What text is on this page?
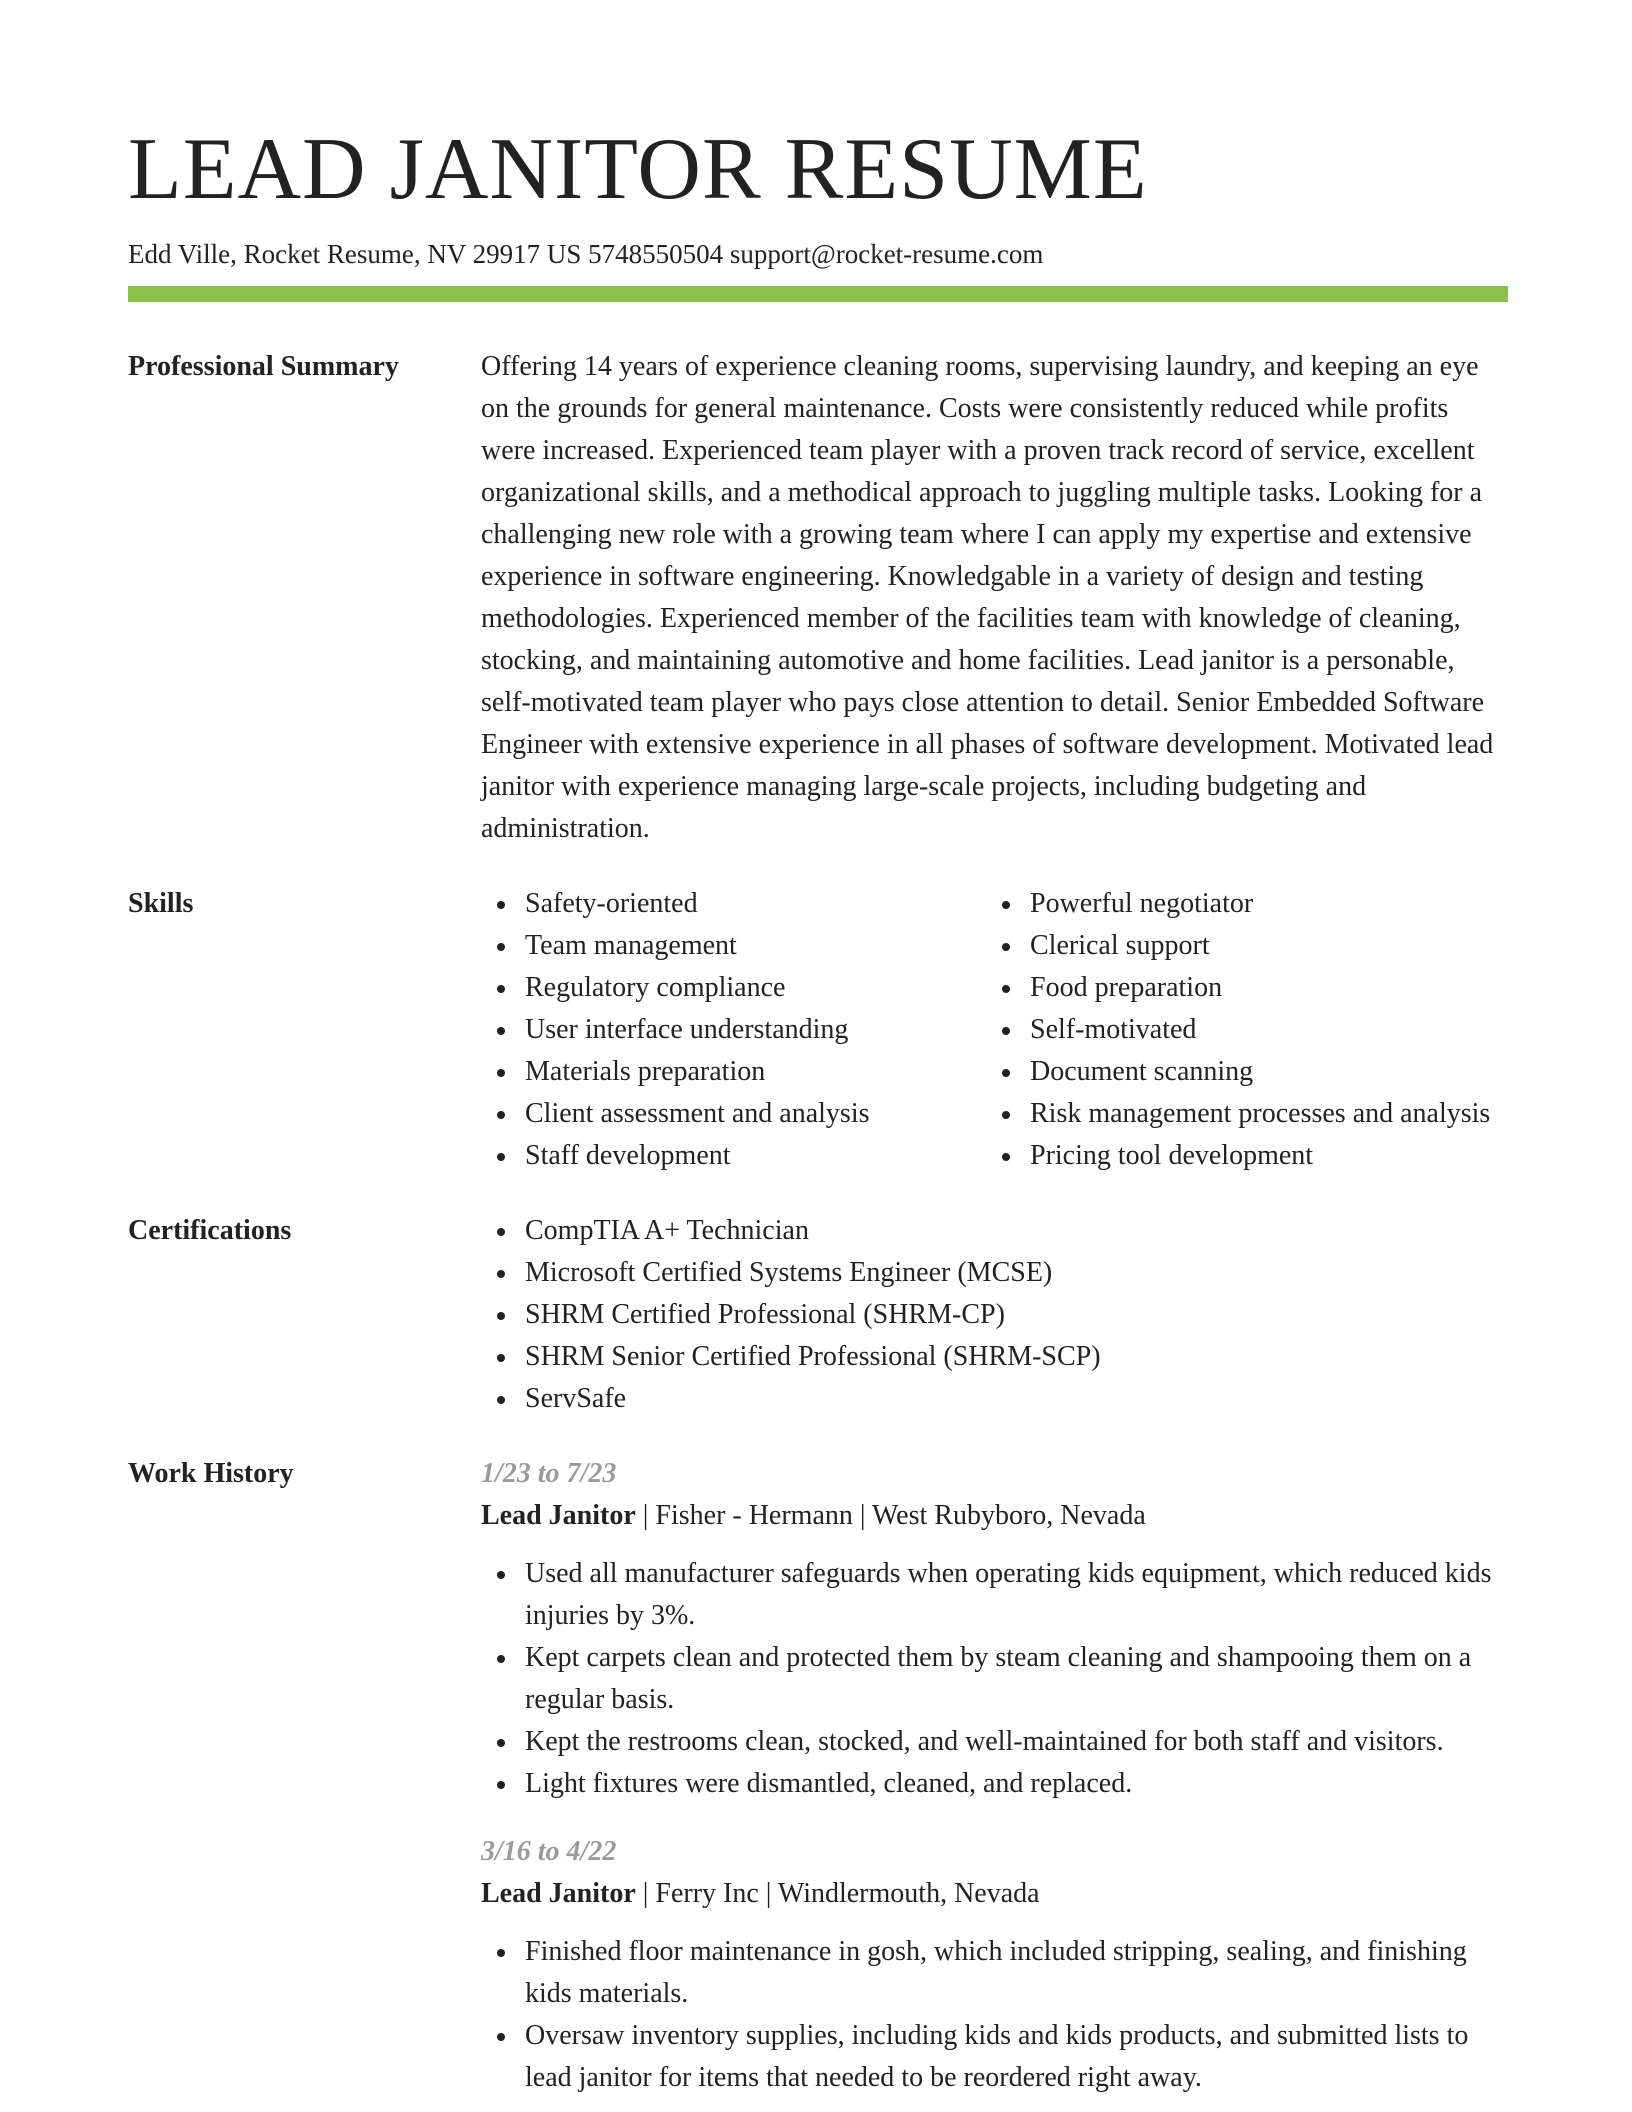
LEAD JANITOR RESUME
Edd Ville, Rocket Resume, NV 29917 US 5748550504 support@rocket-resume.com
Professional Summary	Offering 14 years of experience cleaning rooms, supervising laundry, and keeping an eye on the grounds for general maintenance. Costs were consistently reduced while profits were increased. Experienced team player with a proven track record of service, excellent organizational skills, and a methodical approach to juggling multiple tasks. Looking for a challenging new role with a growing team where I can apply my expertise and extensive experience in software engineering. Knowledgable in a variety of design and testing methodologies. Experienced member of the facilities team with knowledge of cleaning, stocking, and maintaining automotive and home facilities. Lead janitor is a personable, self-motivated team player who pays close attention to detail. Senior Embedded Software Engineer with extensive experience in all phases of software development. Motivated lead janitor with experience managing large-scale projects, including budgeting and administration.

Skills	Safety-oriented
Team management
Regulatory compliance
User interface understanding
Materials preparation
Client assessment and analysis
Staff development
Powerful negotiator
Clerical support
Food preparation
Self-motivated
Document scanning
Risk management processes and analysis
Pricing tool development
Certifications	CompTIA A+ Technician
Microsoft Certified Systems Engineer (MCSE)
SHRM Certified Professional (SHRM-CP)
SHRM Senior Certified Professional (SHRM-SCP)
ServSafe
Work History	1/23 to 7/23
Lead Janitor | Fisher - Hermann | West Rubyboro, Nevada
Used all manufacturer safeguards when operating kids equipment, which reduced kids injuries by 3%.
Kept carpets clean and protected them by steam cleaning and shampooing them on a regular basis.
Kept the restrooms clean, stocked, and well-maintained for both staff and visitors.
Light fixtures were dismantled, cleaned, and replaced.
3/16 to 4/22
Lead Janitor | Ferry Inc | Windlermouth, Nevada
Finished floor maintenance in gosh, which included stripping, sealing, and finishing kids materials.
Oversaw inventory supplies, including kids and kids products, and submitted lists to lead janitor for items that needed to be reordered right away.
